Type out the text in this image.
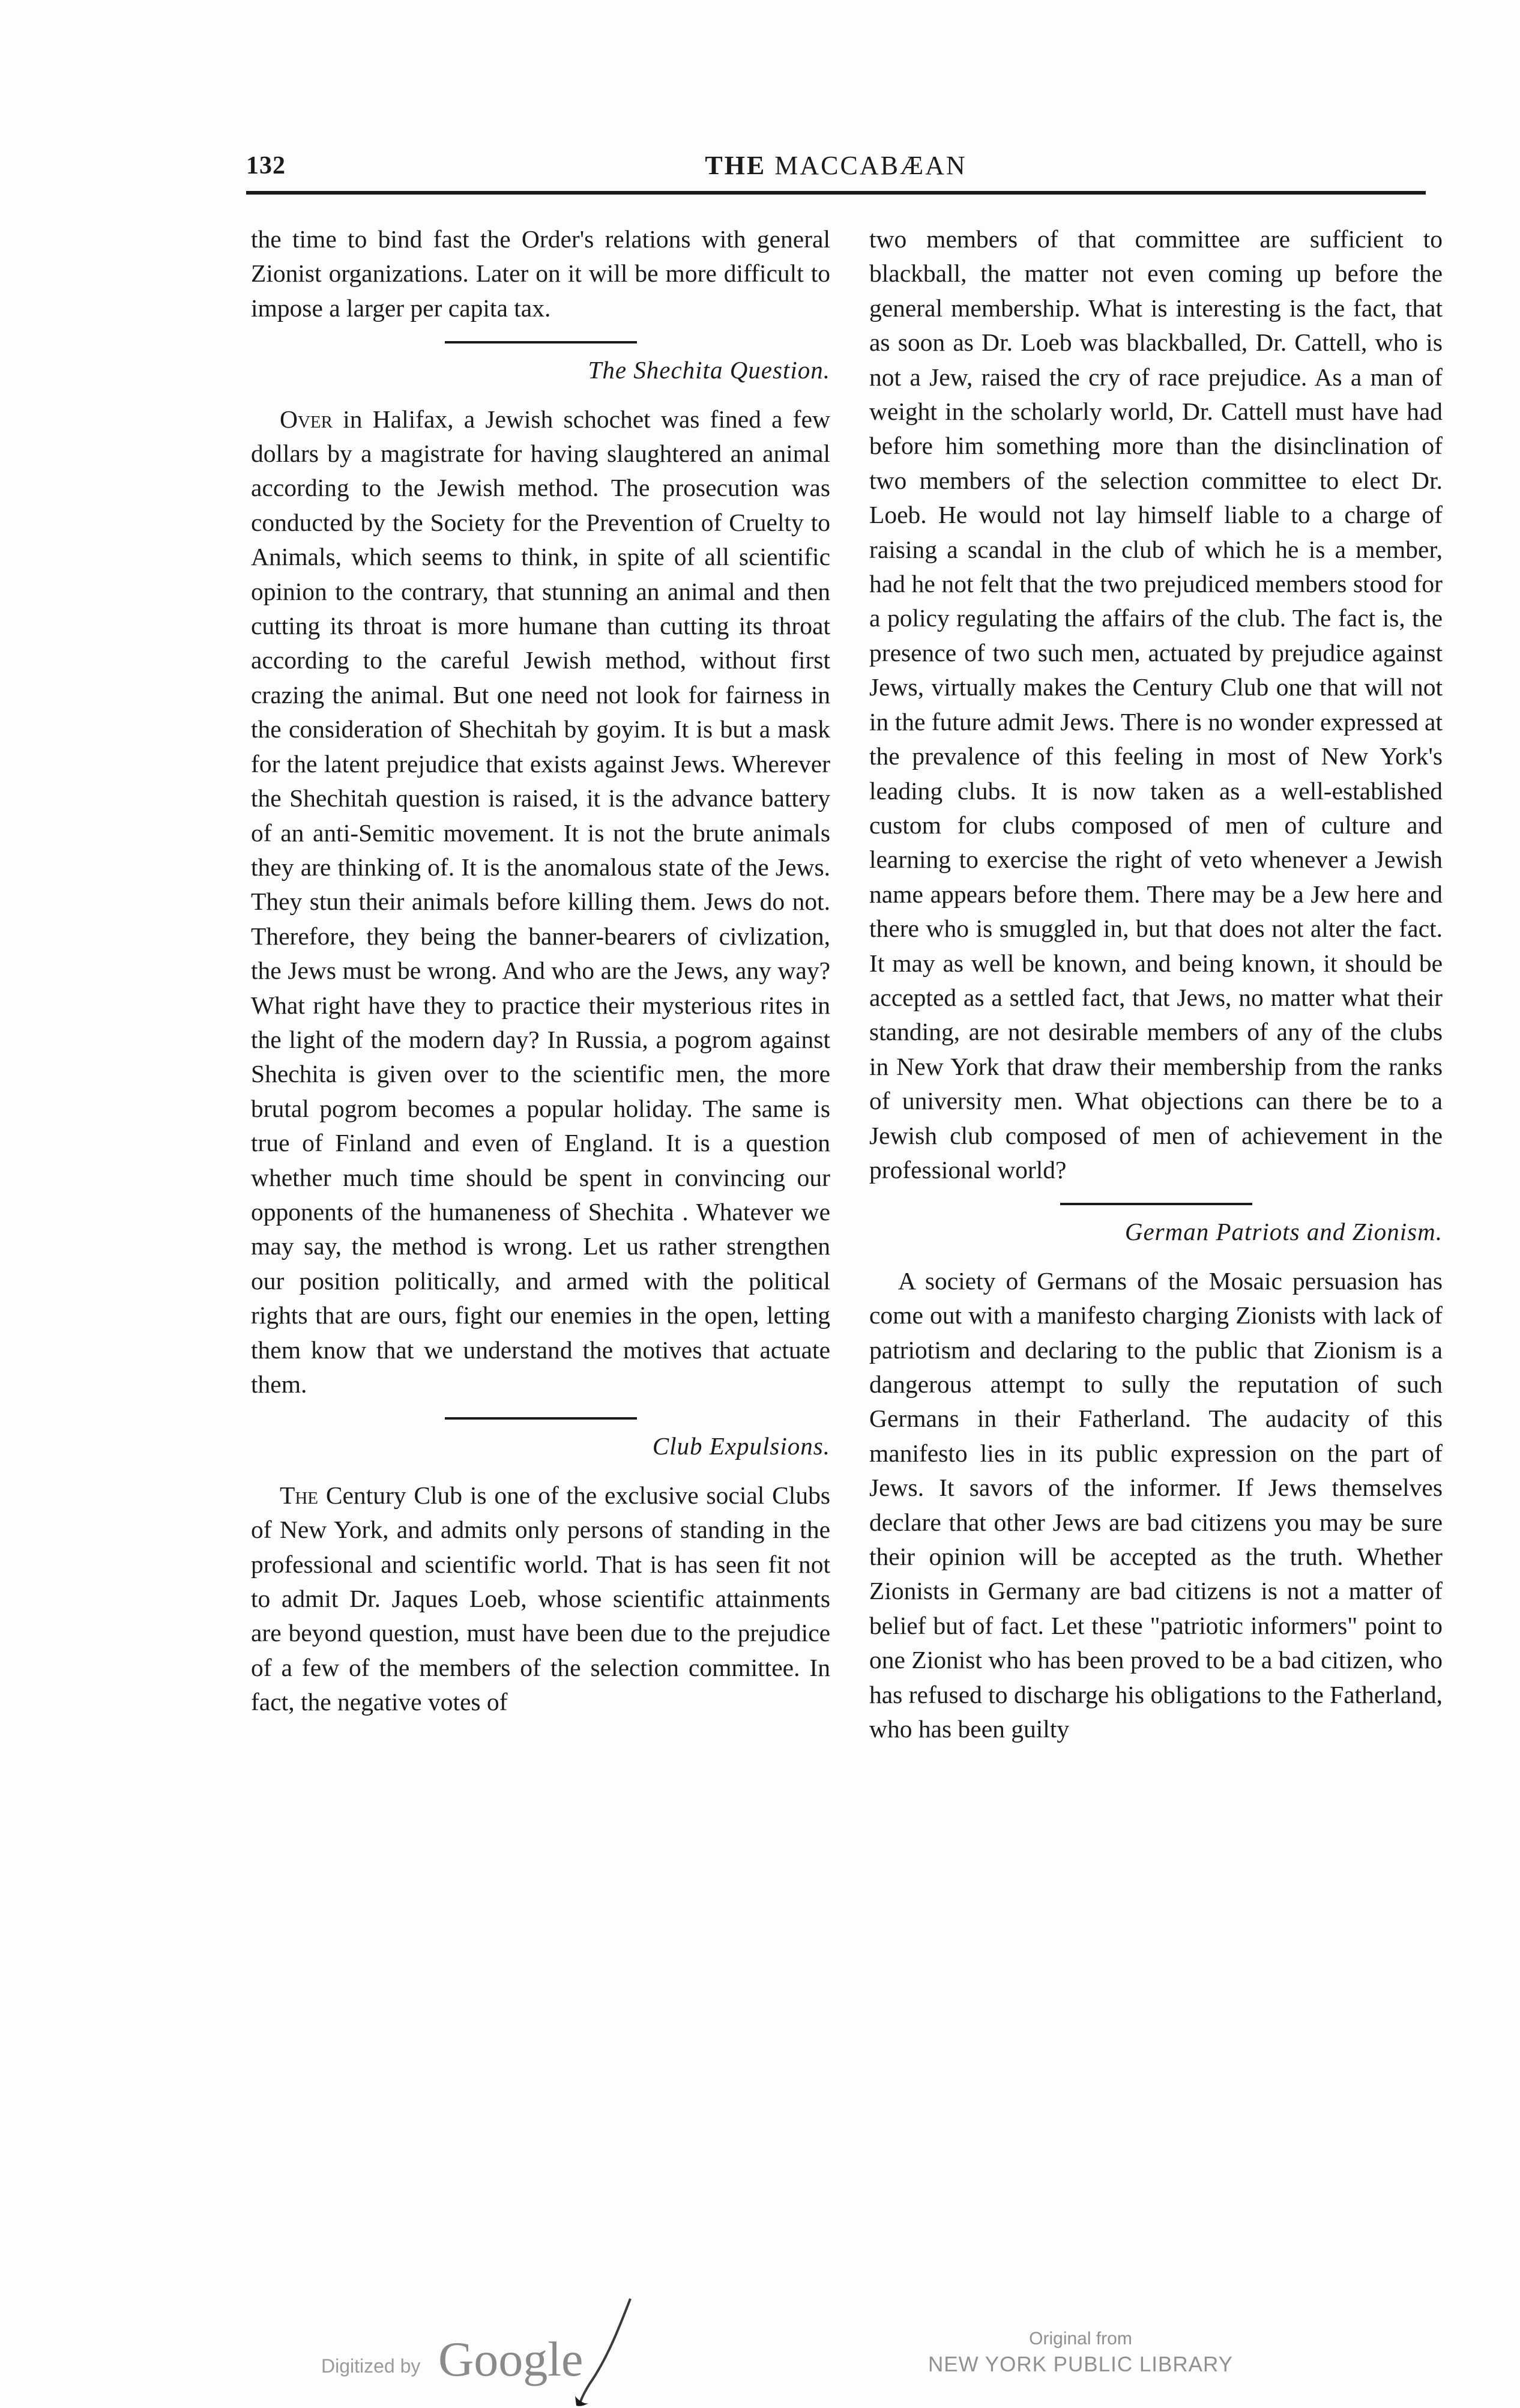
132	THE MACCABÆAN

the time to bind fast the Order's relations with general Zionist organizations. Later on it will be more difficult to impose a larger per capita tax.

The Shechita Question.

Over in Halifax, a Jewish schochet was fined a few dollars by a magistrate for having slaughtered an animal according to the Jewish method. The prosecution was conducted by the Society for the Prevention of Cruelty to Animals, which seems to think, in spite of all scientific opinion to the contrary, that stunning an animal and then cutting its throat is more humane than cutting its throat according to the careful Jewish method, without first crazing the animal. But one need not look for fairness in the consideration of Shechitah by goyim. It is but a mask for the latent prejudice that exists against Jews. Wherever the Shechitah question is raised, it is the advance battery of an anti-Semitic movement. It is not the brute animals they are thinking of. It is the anomalous state of the Jews. They stun their animals before killing them. Jews do not. Therefore, they being the banner-bearers of civlization, the Jews must be wrong. And who are the Jews, any way? What right have they to practice their mysterious rites in the light of the modern day? In Russia, a pogrom against Shechita is given over to the scientific men, the more brutal pogrom becomes a popular holiday. The same is true of Finland and even of England. It is a question whether much time should be spent in convincing our opponents of the humaneness of Shechita . Whatever we may say, the method is wrong. Let us rather strengthen our position politically, and armed with the political rights that are ours, fight our enemies in the open, letting them know that we understand the motives that actuate them.

Club Expulsions.

The Century Club is one of the exclusive social Clubs of New York, and admits only persons of standing in the professional and scientific world. That is has seen fit not to admit Dr. Jaques Loeb, whose scientific attainments are beyond question, must have been due to the prejudice of a few of the members of the selection committee. In fact, the negative votes of

two members of that committee are sufficient to blackball, the matter not even coming up before the general membership. What is interesting is the fact, that as soon as Dr. Loeb was blackballed, Dr. Cattell, who is not a Jew, raised the cry of race prejudice. As a man of weight in the scholarly world, Dr. Cattell must have had before him something more than the disinclination of two members of the selection committee to elect Dr. Loeb. He would not lay himself liable to a charge of raising a scandal in the club of which he is a member, had he not felt that the two prejudiced members stood for a policy regulating the affairs of the club. The fact is, the presence of two such men, actuated by prejudice against Jews, virtually makes the Century Club one that will not in the future admit Jews. There is no wonder expressed at the prevalence of this feeling in most of New York's leading clubs. It is now taken as a well-established custom for clubs composed of men of culture and learning to exercise the right of veto whenever a Jewish name appears before them. There may be a Jew here and there who is smuggled in, but that does not alter the fact. It may as well be known, and being known, it should be accepted as a settled fact, that Jews, no matter what their standing, are not desirable members of any of the clubs in New York that draw their membership from the ranks of university men. What objections can there be to a Jewish club composed of men of achievement in the professional world?

German Patriots and Zionism.

A society of Germans of the Mosaic persuasion has come out with a manifesto charging Zionists with lack of patriotism and declaring to the public that Zionism is a dangerous attempt to sully the reputation of such Germans in their Fatherland. The audacity of this manifesto lies in its public expression on the part of Jews. It savors of the informer. If Jews themselves declare that other Jews are bad citizens you may be sure their opinion will be accepted as the truth. Whether Zionists in Germany are bad citizens is not a matter of belief but of fact. Let these "patriotic informers" point to one Zionist who has been proved to be a bad citizen, who has refused to discharge his obligations to the Fatherland, who has been guilty

Digitized by Google	Original from
NEW YORK PUBLIC LIBRARY
